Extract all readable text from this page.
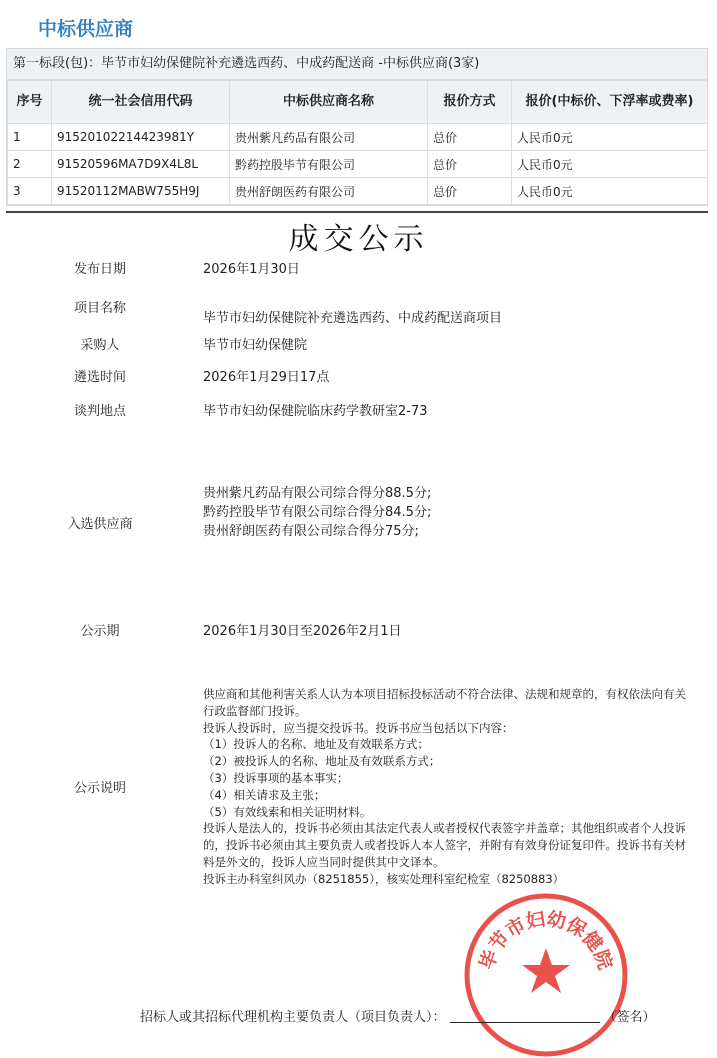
中标供应商
第一标段(包)：毕节市妇幼保健院补充遴选西药、中成药配送商 -中标供应商(3家)
序号	统一社会信用代码	中标供应商名称	报价方式	报价(中标价、下浮率或费率)
1	91520102214423981Y	贵州紫凡药品有限公司	总价	人民币0元
2	91520596MA7D9X4L8L	黔药控股毕节有限公司	总价	人民币0元
3	91520112MABW755H9J	贵州舒朗医药有限公司	总价	人民币0元
成交公示
发布日期	2026年1月30日
项目名称
毕节市妇幼保健院补充遴选西药、中成药配送商项目
采购人	毕节市妇幼保健院
遴选时间	2026年1月29日17点
谈判地点	毕节市妇幼保健院临床药学教研室2-73
入选供应商
贵州紫凡药品有限公司综合得分88.5分;
黔药控股毕节有限公司综合得分84.5分;
贵州舒朗医药有限公司综合得分75分;
公示期	2026年1月30日至2026年2月1日
公示说明

供应商和其他利害关系人认为本项目招标投标活动不符合法律、法规和规章的，有权依法向有关行政监督部门投诉。

投诉人投诉时，应当提交投诉书。投诉书应当包括以下内容：

（1）投诉人的名称、地址及有效联系方式；

（2）被投诉人的名称、地址及有效联系方式；

（3）投诉事项的基本事实；

（4）相关请求及主张；

（5）有效线索和相关证明材料。

投诉人是法人的，投诉书必须由其法定代表人或者授权代表签字并盖章；其他组织或者个人投诉的，投诉书必须由其主要负责人或者投诉人本人签字，并附有有效身份证复印件。投诉书有关材料是外文的，投诉人应当同时提供其中文译本。

投诉主办科室纠风办（8251855），核实处理科室纪检室（8250883）

毕节市妇幼保健院
招标人或其招标代理机构主要负责人（项目负责人）：	（签名）
